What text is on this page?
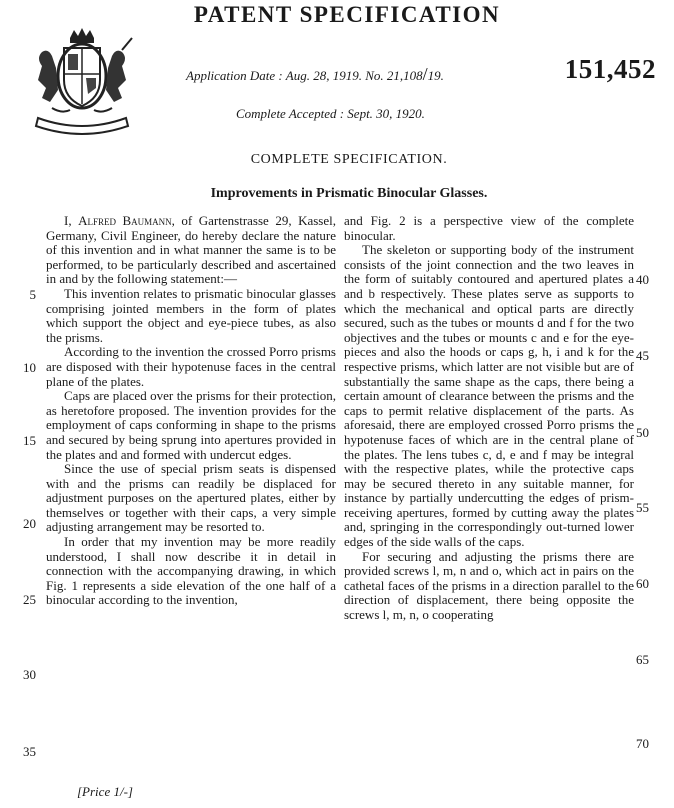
PATENT SPECIFICATION
Application Date : Aug. 28, 1919. No. 21,108/19.	151,452
Complete Accepted : Sept. 30, 1920.
COMPLETE SPECIFICATION.
Improvements in Prismatic Binocular Glasses.

I, Alfred Baumann, of Gartenstrasse 29, Kassel, Germany, Civil Engineer, do hereby declare the nature of this invention and in what manner the same is to be performed, to be particularly described and ascertained in and by the following statement:—

This invention relates to prismatic binocular glasses comprising jointed members in the form of plates which support the object and eye-piece tubes, as also the prisms.

According to the invention the crossed Porro prisms are disposed with their hypotenuse faces in the central plane of the plates.

Caps are placed over the prisms for their protection, as heretofore proposed. The invention provides for the employment of caps conforming in shape to the prisms and secured by being sprung into apertures provided in the plates and and formed with undercut edges.

Since the use of special prism seats is dispensed with and the prisms can readily be displaced for adjustment purposes on the apertured plates, either by themselves or together with their caps, a very simple adjusting arrangement may be resorted to.

In order that my invention may be more readily understood, I shall now describe it in detail in connection with the accompanying drawing, in which Fig. 1 represents a side elevation of the one half of a binocular according to the invention,

and Fig. 2 is a perspective view of the complete binocular.

The skeleton or supporting body of the instrument consists of the joint connection and the two leaves in the form of suitably contoured and apertured plates a and b respectively. These plates serve as supports to which the mechanical and optical parts are directly secured, such as the tubes or mounts d and f for the two objectives and the tubes or mounts c and e for the eye-pieces and also the hoods or caps g, h, i and k for the respective prisms, which latter are not visible but are of substantially the same shape as the caps, there being a certain amount of clearance between the prisms and the caps to permit relative displacement of the parts. As aforesaid, there are employed crossed Porro prisms the hypotenuse faces of which are in the central plane of the plates. The lens tubes c, d, e and f may be integral with the respective plates, while the protective caps may be secured thereto in any suitable manner, for instance by partially undercutting the edges of prism-receiving apertures, formed by cutting away the plates and, springing in the correspondingly out-turned lower edges of the side walls of the caps.

For securing and adjusting the prisms there are provided screws l, m, n and o, which act in pairs on the cathetal faces of the prisms in a direction parallel to the direction of displacement, there being opposite the screws l, m, n, o cooperating

5
10
15
20
25
30
35
40
45
50
55
60
65
70
[Price 1/-]
